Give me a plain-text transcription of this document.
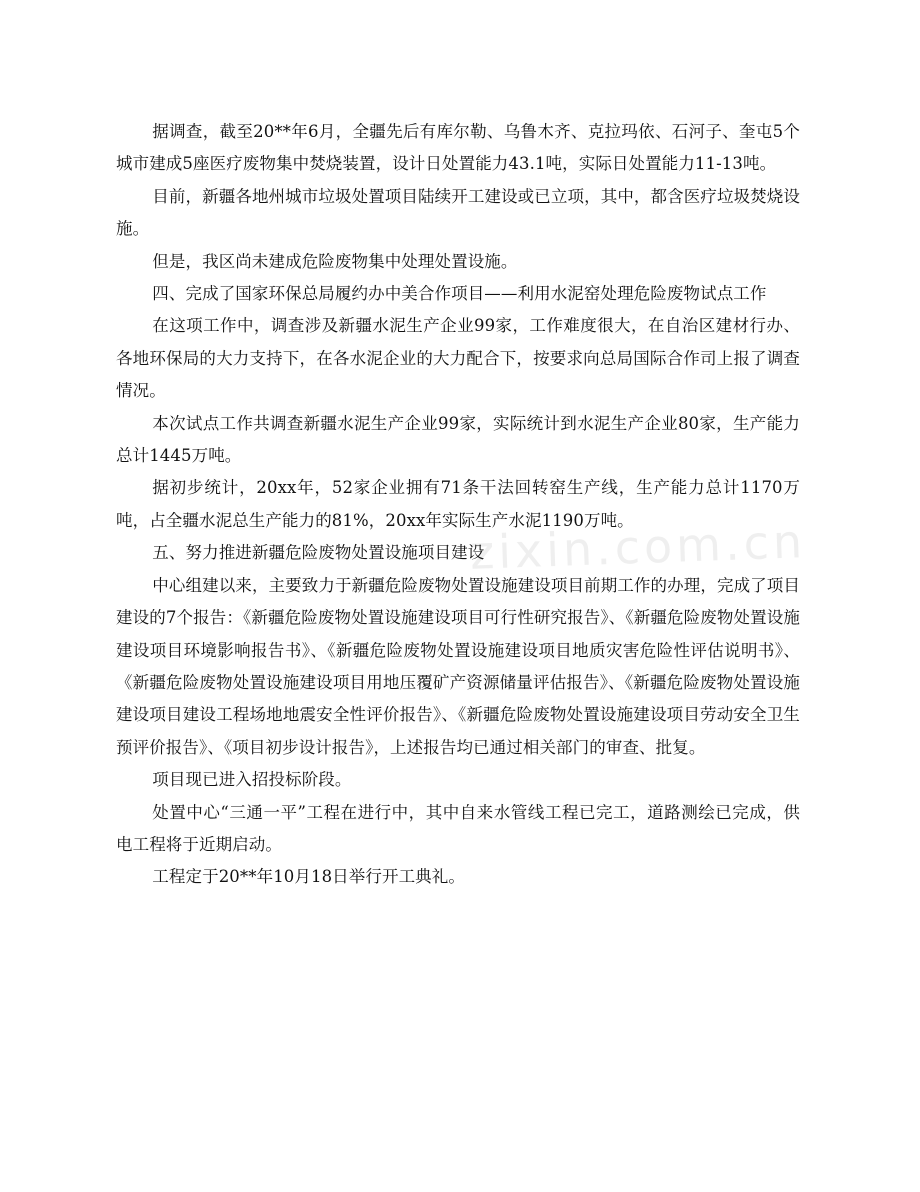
据调查，截至20**年6月，全疆先后有库尔勒、乌鲁木齐、克拉玛依、石河子、奎屯5个城市建成5座医疗废物集中焚烧装置，设计日处置能力43.1吨，实际日处置能力11-13吨。

目前，新疆各地州城市垃圾处置项目陆续开工建设或已立项，其中，都含医疗垃圾焚烧设施。

但是，我区尚未建成危险废物集中处理处置设施。

四、完成了国家环保总局履约办中美合作项目——利用水泥窑处理危险废物试点工作

在这项工作中，调查涉及新疆水泥生产企业99家，工作难度很大，在自治区建材行办、各地环保局的大力支持下，在各水泥企业的大力配合下，按要求向总局国际合作司上报了调查情况。

本次试点工作共调查新疆水泥生产企业99家，实际统计到水泥生产企业80家，生产能力总计1445万吨。

据初步统计，20xx年，52家企业拥有71条干法回转窑生产线，生产能力总计1170万吨，占全疆水泥总生产能力的81%，20xx年实际生产水泥1190万吨。

五、努力推进新疆危险废物处置设施项目建设

中心组建以来，主要致力于新疆危险废物处置设施建设项目前期工作的办理，完成了项目建设的7个报告：《新疆危险废物处置设施建设项目可行性研究报告》、《新疆危险废物处置设施建设项目环境影响报告书》、《新疆危险废物处置设施建设项目地质灾害危险性评估说明书》、《新疆危险废物处置设施建设项目用地压覆矿产资源储量评估报告》、《新疆危险废物处置设施建设项目建设工程场地地震安全性评价报告》、《新疆危险废物处置设施建设项目劳动安全卫生预评价报告》、《项目初步设计报告》，上述报告均已通过相关部门的审查、批复。

项目现已进入招投标阶段。

处置中心“三通一平”工程在进行中，其中自来水管线工程已完工，道路测绘已完成，供电工程将于近期启动。

工程定于20**年10月18日举行开工典礼。

zixin.com.cn
